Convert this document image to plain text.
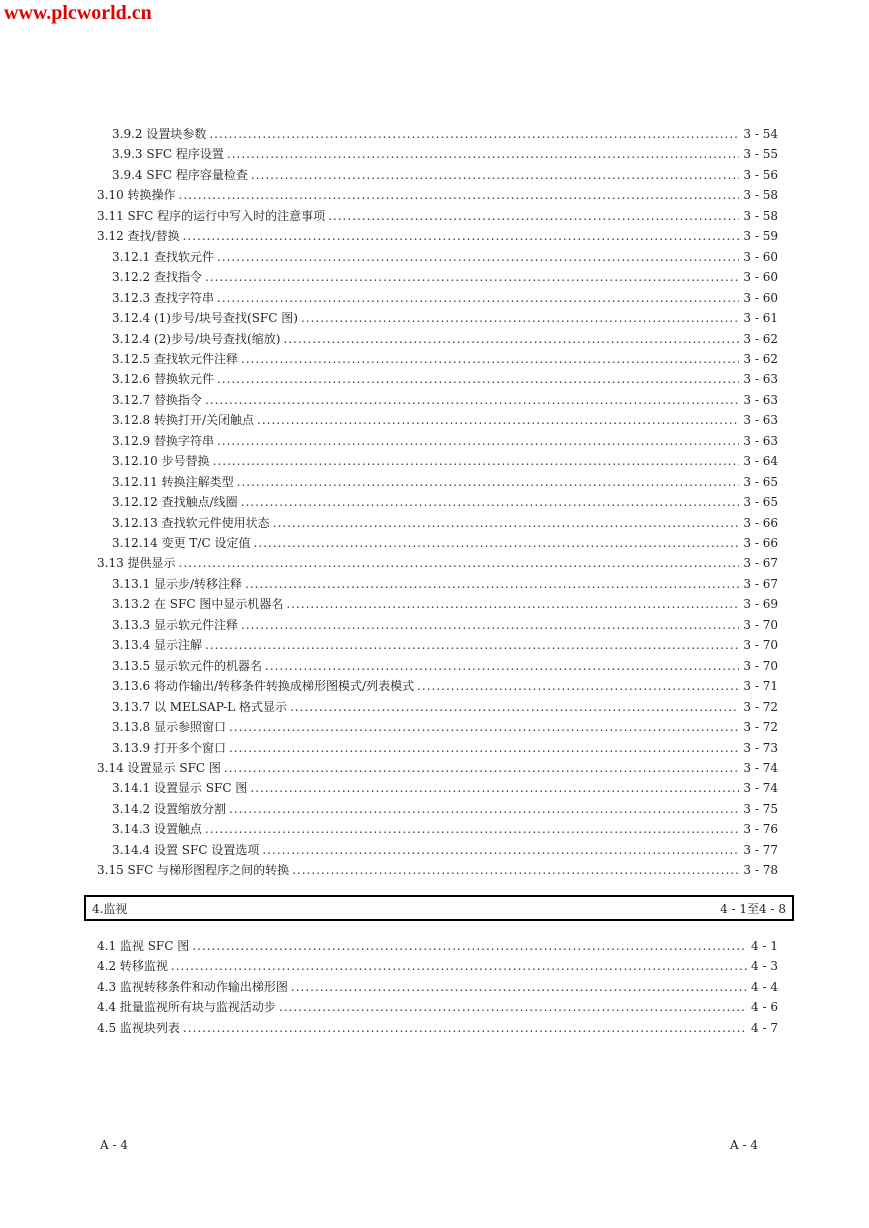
www.plcworld.cn
3.9.2 设置块参数 .....	3 - 54
3.9.3 SFC 程序设置 .....	3 - 55
3.9.4 SFC 程序容量检查 .....	3 - 56
3.10 转换操作 .....	3 - 58
3.11 SFC 程序的运行中写入时的注意事项 .....	3 - 58
3.12 查找/替换 .....	3 - 59
3.12.1 查找软元件 .....	3 - 60
3.12.2 查找指令 .....	3 - 60
3.12.3 查找字符串 .....	3 - 60
3.12.4 (1)步号/块号查找(SFC 图) .....	3 - 61
3.12.4 (2)步号/块号查找(缩放) .....	3 - 62
3.12.5 查找软元件注释 .....	3 - 62
3.12.6 替换软元件 .....	3 - 63
3.12.7 替换指令 .....	3 - 63
3.12.8 转换打开/关闭触点 .....	3 - 63
3.12.9 替换字符串 .....	3 - 63
3.12.10 步号替换 .....	3 - 64
3.12.11 转换注解类型 .....	3 - 65
3.12.12 查找触点/线圈 .....	3 - 65
3.12.13 查找软元件使用状态 .....	3 - 66
3.12.14 变更 T/C 设定值 .....	3 - 66
3.13 提供显示 .....	3 - 67
3.13.1 显示步/转移注释 .....	3 - 67
3.13.2 在 SFC 图中显示机器名 .....	3 - 69
3.13.3 显示软元件注释 .....	3 - 70
3.13.4 显示注解 .....	3 - 70
3.13.5 显示软元件的机器名 .....	3 - 70
3.13.6 将动作输出/转移条件转换成梯形图模式/列表模式 .....	3 - 71
3.13.7 以 MELSAP-L 格式显示 .....	3 - 72
3.13.8 显示参照窗口 .....	3 - 72
3.13.9 打开多个窗口 .....	3 - 73
3.14 设置显示 SFC 图 .....	3 - 74
3.14.1 设置显示 SFC 图 .....	3 - 74
3.14.2 设置缩放分割 .....	3 - 75
3.14.3 设置触点 .....	3 - 76
3.14.4 设置 SFC 设置选项 .....	3 - 77
3.15 SFC 与梯形图程序之间的转换 .....	3 - 78
4.监视	4 - 1至4 - 8
4.1 监视 SFC 图 .....	4 - 1
4.2 转移监视 .....	4 - 3
4.3 监视转移条件和动作输出梯形图 .....	4 - 4
4.4 批量监视所有块与监视活动步 .....	4 - 6
4.5 监视块列表 .....	4 - 7
A - 4	A - 4
